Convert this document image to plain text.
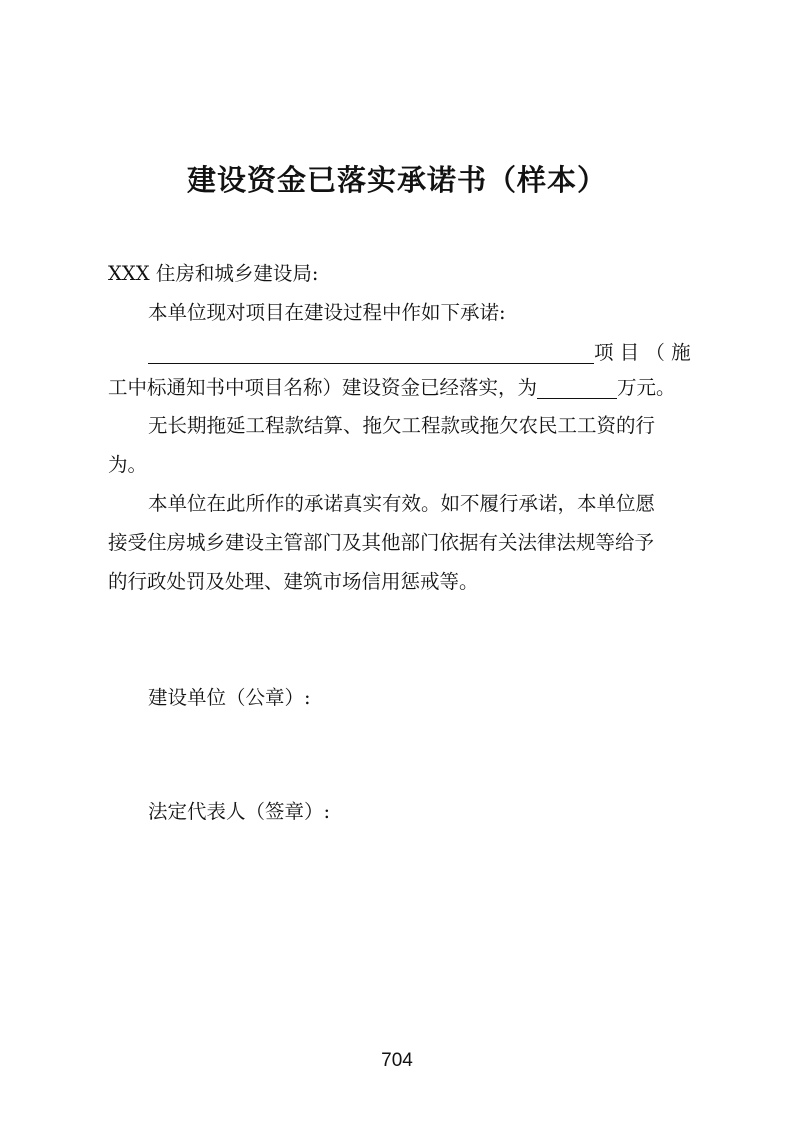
建设资金已落实承诺书（样本）
XXX 住房和城乡建设局:
本单位现对项目在建设过程中作如下承诺:
项 目 （ 施
工中标通知书中项目名称）建设资金已经落实，为	万元。
无长期拖延工程款结算、拖欠工程款或拖欠农民工工资的行
为。
本单位在此所作的承诺真实有效。如不履行承诺，本单位愿
接受住房城乡建设主管部门及其他部门依据有关法律法规等给予
的行政处罚及处理、建筑市场信用惩戒等。
建设单位（公章）:
法定代表人（签章）:
704
